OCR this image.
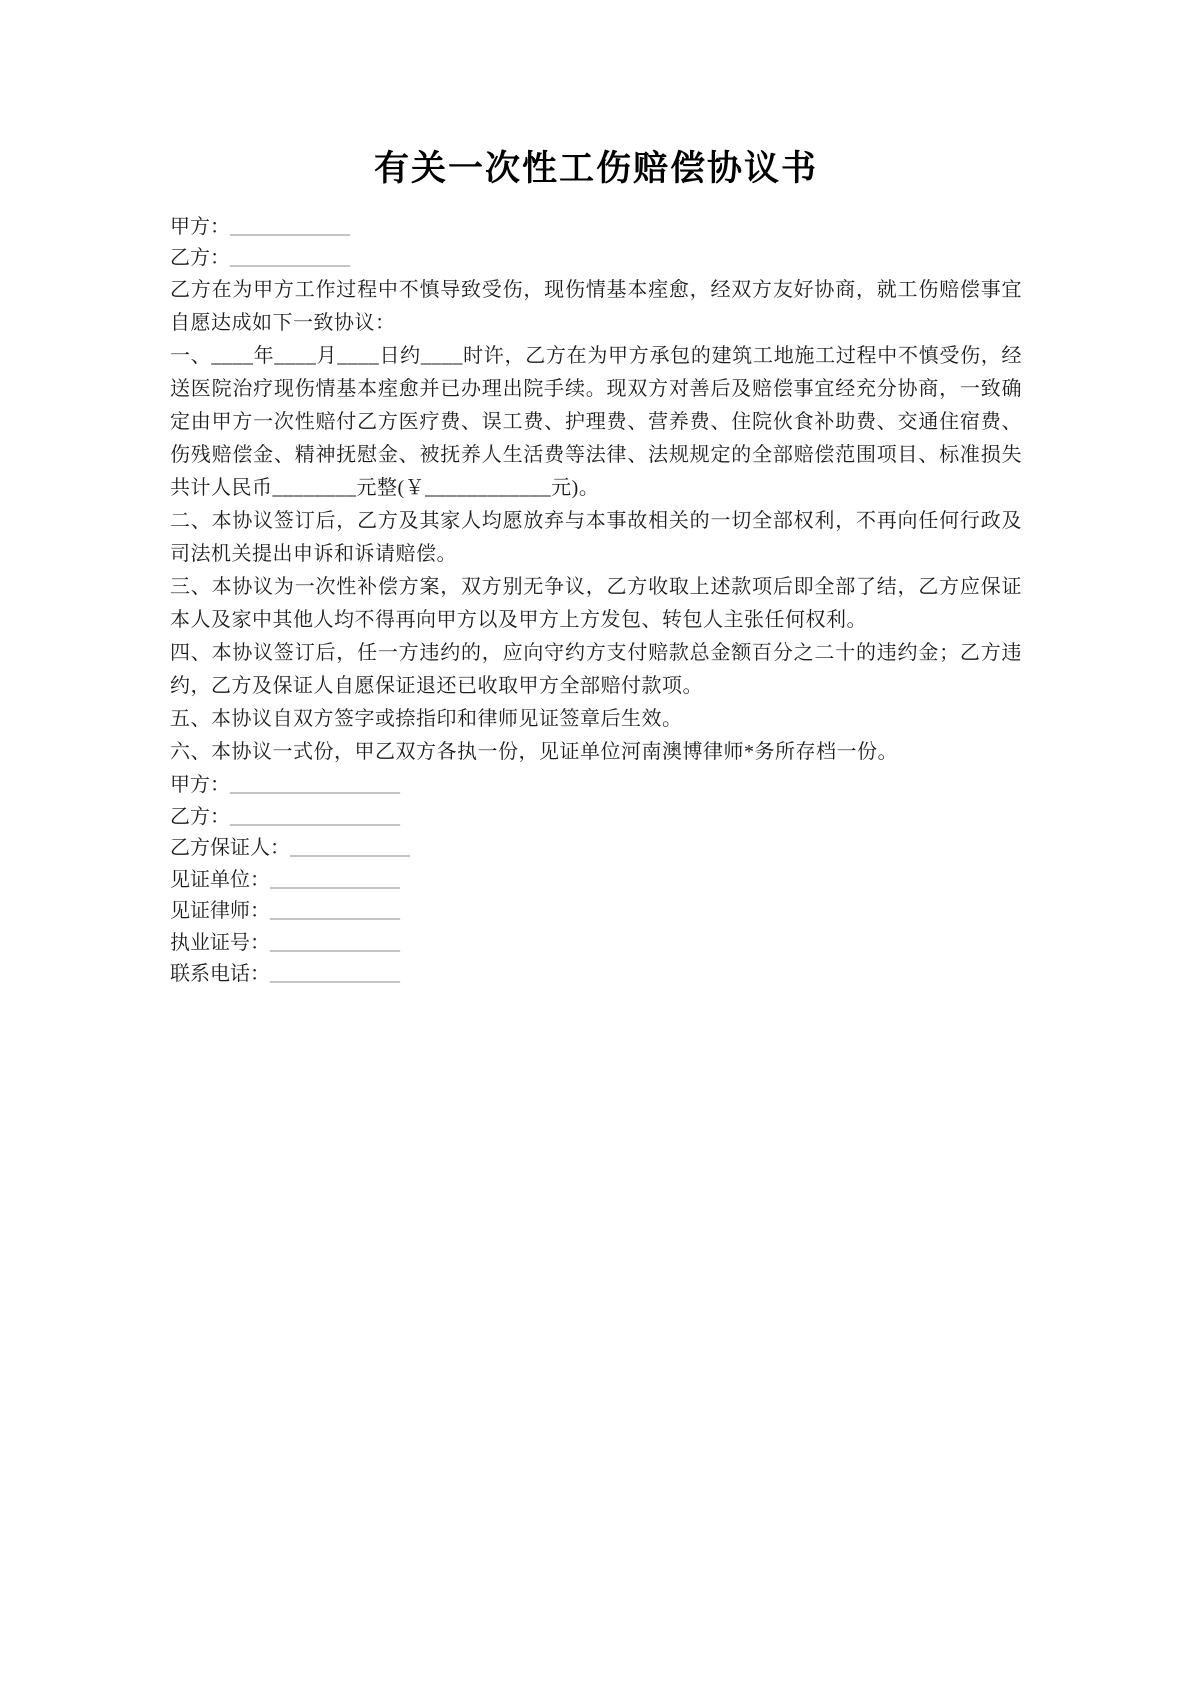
有关一次性工伤赔偿协议书
甲方：____________
乙方：____________

乙方在为甲方工作过程中不慎导致受伤，现伤情基本痓愈，经双方友好协商，就工伤赔偿事宜自愿达成如下一致协议：

一、____年____月____日约____时许，乙方在为甲方承包的建筑工地施工过程中不慎受伤，经送医院治疗现伤情基本痓愈并已办理出院手续。现双方对善后及赔偿事宜经充分协商，一致确定由甲方一次性赔付乙方医疗费、误工费、护理费、营养费、住院伙食补助费、交通住宿费、伤残赔偿金、精神抚慰金、被抚养人生活费等法律、法规规定的全部赔偿范围项目、标准损失共计人民币________元整(￥____________元)。

二、本协议签订后，乙方及其家人均愿放弃与本事故相关的一切全部权利，不再向任何行政及司法机关提出申诉和诉请赔偿。

三、本协议为一次性补偿方案，双方别无争议，乙方收取上述款项后即全部了结，乙方应保证本人及家中其他人均不得再向甲方以及甲方上方发包、转包人主张任何权利。

四、本协议签订后，任一方违约的，应向守约方支付赔款总金额百分之二十的违约金；乙方违约，乙方及保证人自愿保证退还已收取甲方全部赔付款项。

五、本协议自双方签字或捺指印和律师见证签章后生效。

六、本协议一式份，甲乙双方各执一份，见证单位河南澳博律师*务所存档一份。

甲方：_________________
乙方：_________________
乙方保证人：____________
见证单位：_____________
见证律师：_____________
执业证号：_____________
联系电话：_____________
